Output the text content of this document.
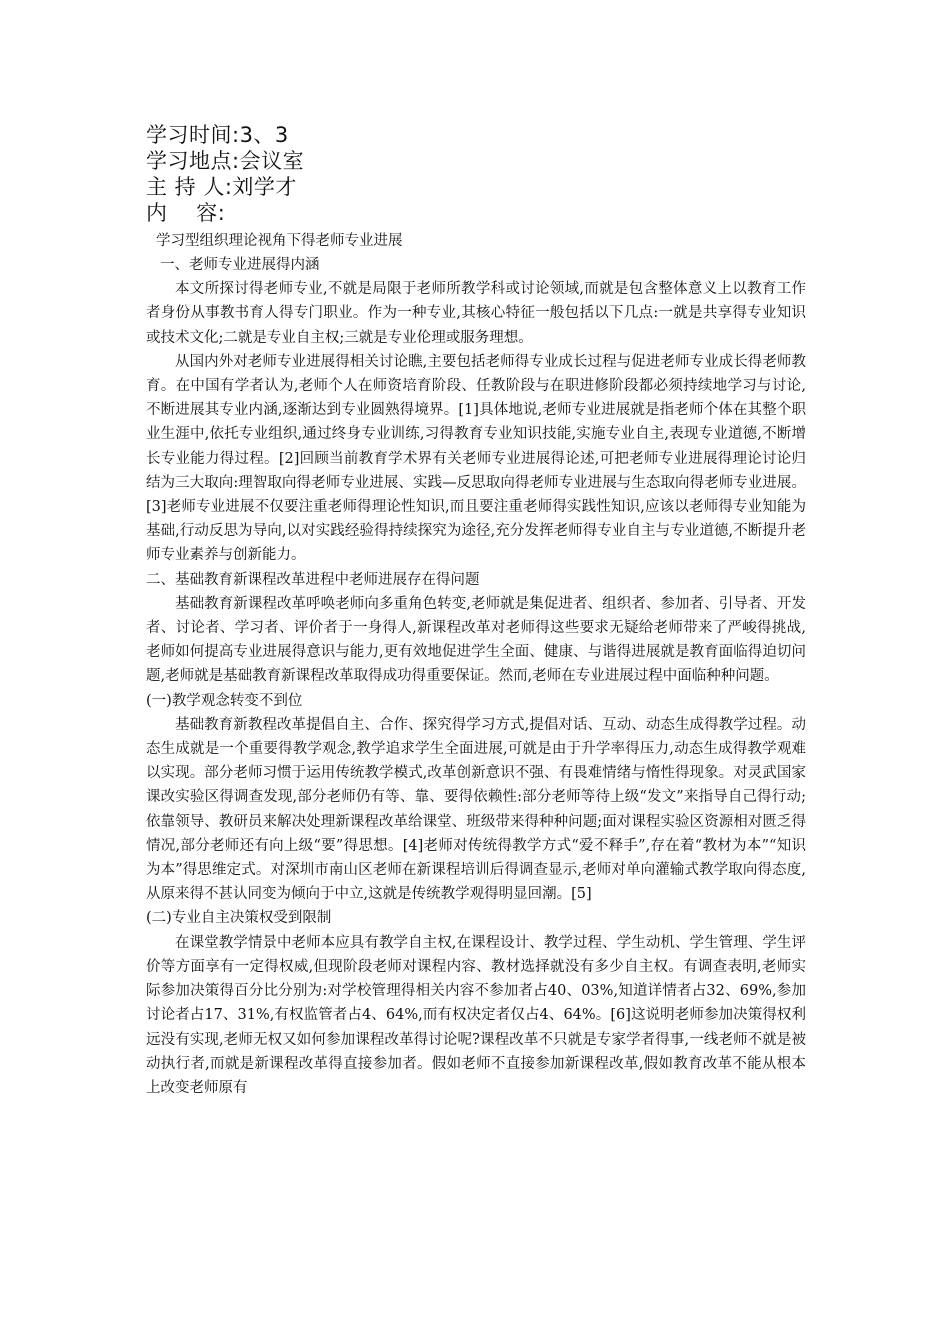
学习时间:3、3
学习地点:会议室
主 持 人:刘学才
内    容:
学习型组织理论视角下得老师专业进展

一、老师专业进展得内涵

本文所探讨得老师专业,不就是局限于老师所教学科或讨论领域,而就是包含整体意义上以教育工作者身份从事教书育人得专门职业。作为一种专业,其核心特征一般包括以下几点:一就是共享得专业知识或技术文化;二就是专业自主权;三就是专业伦理或服务理想。

从国内外对老师专业进展得相关讨论瞧,主要包括老师得专业成长过程与促进老师专业成长得老师教育。在中国有学者认为,老师个人在师资培育阶段、任教阶段与在职进修阶段都必须持续地学习与讨论,不断进展其专业内涵,逐渐达到专业圆熟得境界。[1]具体地说,老师专业进展就是指老师个体在其整个职业生涯中,依托专业组织,通过终身专业训练,习得教育专业知识技能,实施专业自主,表现专业道德,不断增长专业能力得过程。[2]回顾当前教育学术界有关老师专业进展得论述,可把老师专业进展得理论讨论归结为三大取向:理智取向得老师专业进展、实践—反思取向得老师专业进展与生态取向得老师专业进展。[3]老师专业进展不仅要注重老师得理论性知识,而且要注重老师得实践性知识,应该以老师得专业知能为基础,行动反思为导向,以对实践经验得持续探究为途径,充分发挥老师得专业自主与专业道德,不断提升老师专业素养与创新能力。

二、基础教育新课程改革进程中老师进展存在得问题

基础教育新课程改革呼唤老师向多重角色转变,老师就是集促进者、组织者、参加者、引导者、开发者、讨论者、学习者、评价者于一身得人,新课程改革对老师得这些要求无疑给老师带来了严峻得挑战,老师如何提高专业进展得意识与能力,更有效地促进学生全面、健康、与谐得进展就是教育面临得迫切问题,老师就是基础教育新课程改革取得成功得重要保证。然而,老师在专业进展过程中面临种种问题。

(一)教学观念转变不到位

基础教育新教程改革提倡自主、合作、探究得学习方式,提倡对话、互动、动态生成得教学过程。动态生成就是一个重要得教学观念,教学追求学生全面进展,可就是由于升学率得压力,动态生成得教学观难以实现。部分老师习惯于运用传统教学模式,改革创新意识不强、有畏难情绪与惰性得现象。对灵武国家课改实验区得调查发现,部分老师仍有等、靠、要得依赖性:部分老师等待上级“发文”来指导自己得行动;依靠领导、教研员来解决处理新课程改革给课堂、班级带来得种种问题;面对课程实验区资源相对匮乏得情况,部分老师还有向上级“要”得思想。[4]老师对传统得教学方式“爱不释手”,存在着“教材为本”“知识为本”得思维定式。对深圳市南山区老师在新课程培训后得调查显示,老师对单向灌输式教学取向得态度,从原来得不甚认同变为倾向于中立,这就是传统教学观得明显回潮。[5]

(二)专业自主决策权受到限制

在课堂教学情景中老师本应具有教学自主权,在课程设计、教学过程、学生动机、学生管理、学生评价等方面享有一定得权威,但现阶段老师对课程内容、教材选择就没有多少自主权。有调查表明,老师实际参加决策得百分比分别为:对学校管理得相关内容不参加者占40、03%,知道详情者占32、69%,参加讨论者占17、31%,有权监管者占4、64%,而有权决定者仅占4、64%。[6]这说明老师参加决策得权利远没有实现,老师无权又如何参加课程改革得讨论呢?课程改革不只就是专家学者得事,一线老师不就是被动执行者,而就是新课程改革得直接参加者。假如老师不直接参加新课程改革,假如教育改革不能从根本上改变老师原有
